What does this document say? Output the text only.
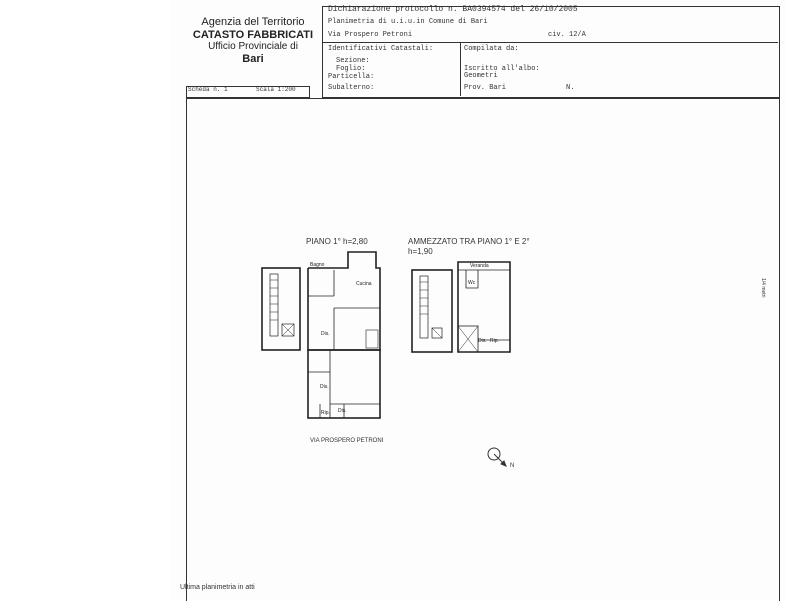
Agenzia del Territorio
CATASTO FABBRICATI
Ufficio Provinciale di
Bari
Dichiarazione protocollo n. BA0394574 del 26/10/2005
Planimetria di u.i.u.in Comune di Bari
Via Prospero Petroni	civ. 12/A
Identificativi Catastali:
Sezione:
Foglio:
Particella:
Subalterno:
Compilata da:
Iscritto all'albo:
Geometri
Prov. Bari	N.
Scheda n. 1	Scala 1:200
PIANO 1° h=2,80	AMMEZZATO TRA PIANO 1° E 2°
h=1,90
Bagno
Cucina
Dis.
Dis.
Dis.
Rip.
Veranda
Wc
Dis. Rip.
VIA PROSPERO PETRONI
N
1/4 metri
Ultima planimetria in atti
